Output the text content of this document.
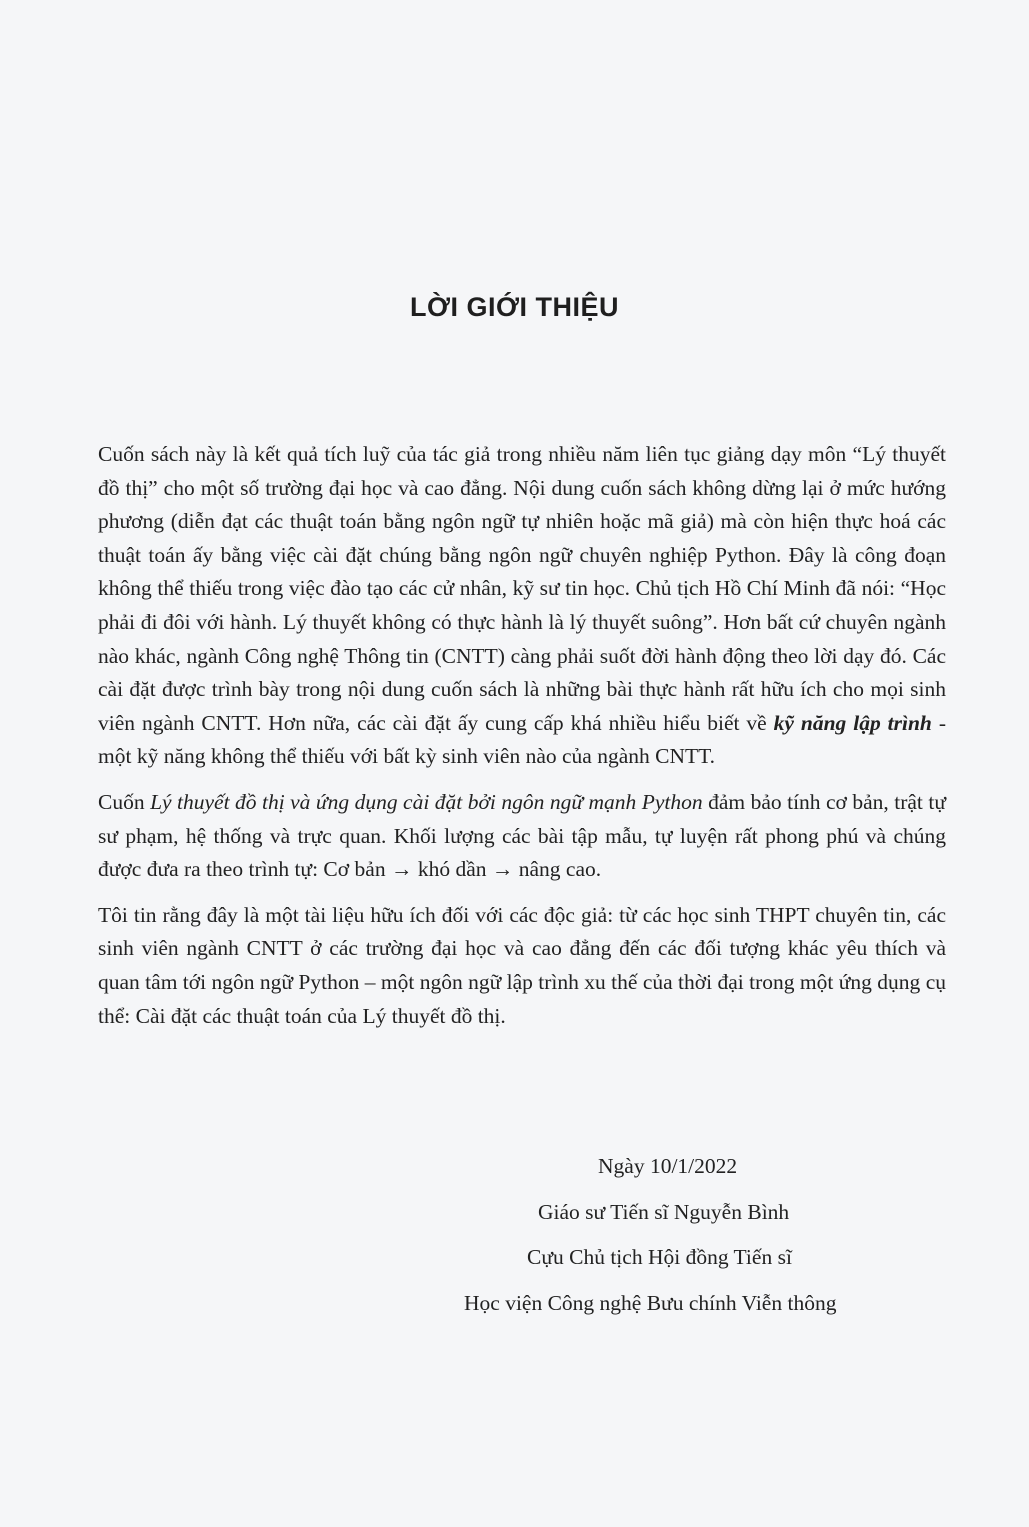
LỜI GIỚI THIỆU

Cuốn sách này là kết quả tích luỹ của tác giả trong nhiều năm liên tục giảng dạy môn “Lý thuyết đồ thị” cho một số trường đại học và cao đẳng. Nội dung cuốn sách không dừng lại ở mức hướng phương (diễn đạt các thuật toán bằng ngôn ngữ tự nhiên hoặc mã giả) mà còn hiện thực hoá các thuật toán ấy bằng việc cài đặt chúng bằng ngôn ngữ chuyên nghiệp Python. Đây là công đoạn không thể thiếu trong việc đào tạo các cử nhân, kỹ sư tin học. Chủ tịch Hồ Chí Minh đã nói: “Học phải đi đôi với hành. Lý thuyết không có thực hành là lý thuyết suông”. Hơn bất cứ chuyên ngành nào khác, ngành Công nghệ Thông tin (CNTT) càng phải suốt đời hành động theo lời dạy đó. Các cài đặt được trình bày trong nội dung cuốn sách là những bài thực hành rất hữu ích cho mọi sinh viên ngành CNTT. Hơn nữa, các cài đặt ấy cung cấp khá nhiều hiểu biết về kỹ năng lập trình - một kỹ năng không thể thiếu với bất kỳ sinh viên nào của ngành CNTT.

Cuốn Lý thuyết đồ thị và ứng dụng cài đặt bởi ngôn ngữ mạnh Python đảm bảo tính cơ bản, trật tự sư phạm, hệ thống và trực quan. Khối lượng các bài tập mẫu, tự luyện rất phong phú và chúng được đưa ra theo trình tự: Cơ bản → khó dần → nâng cao.

Tôi tin rằng đây là một tài liệu hữu ích đối với các độc giả: từ các học sinh THPT chuyên tin, các sinh viên ngành CNTT ở các trường đại học và cao đẳng đến các đối tượng khác yêu thích và quan tâm tới ngôn ngữ Python – một ngôn ngữ lập trình xu thế của thời đại trong một ứng dụng cụ thể: Cài đặt các thuật toán của Lý thuyết đồ thị.

Ngày 10/1/2022
Giáo sư Tiến sĩ Nguyễn Bình
Cựu Chủ tịch Hội đồng Tiến sĩ
Học viện Công nghệ Bưu chính Viễn thông
